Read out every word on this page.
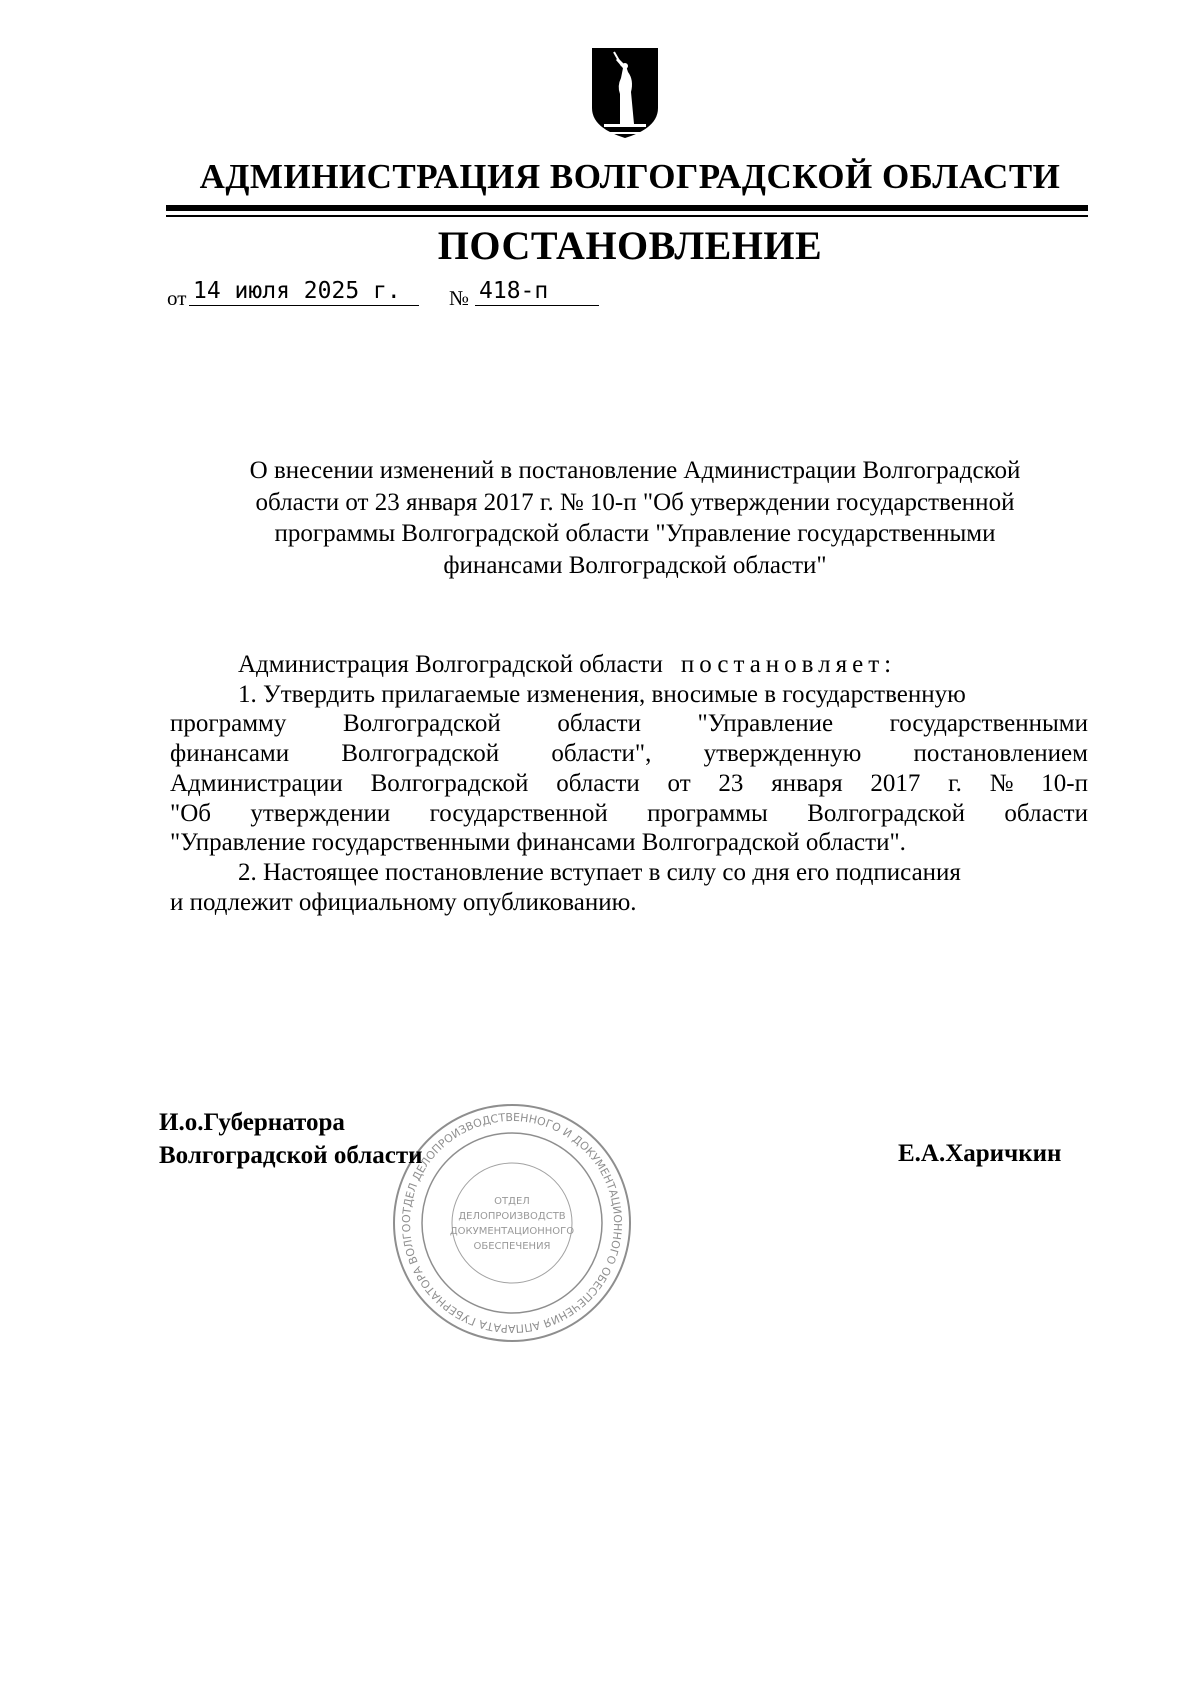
АДМИНИСТРАЦИЯ ВОЛГОГРАДСКОЙ ОБЛАСТИ
ПОСТАНОВЛЕНИЕ
от 14 июля 2025 г.	№ 418-п
О внесении изменений в постановление Администрации Волгоградской
области от 23 января 2017 г. № 10-п "Об утверждении государственной
программы Волгоградской области "Управление государственными
финансами Волгоградской области"
Администрация Волгоградской области постановляет:
1. Утвердить прилагаемые изменения, вносимые в государственную
программу Волгоградской области "Управление государственными
финансами Волгоградской области", утвержденную постановлением
Администрации Волгоградской области от 23 января 2017 г. № 10-п
"Об утверждении государственной программы Волгоградской области
"Управление государственными финансами Волгоградской области".
2. Настоящее постановление вступает в силу со дня его подписания
и подлежит официальному опубликованию.
ОТДЕЛ ДЕЛОПРОИЗВОДСТВЕННОГО И ДОКУМЕНТАЦИОННОГО ОБЕСПЕЧЕНИЯ АППАРАТА ГУБЕРНАТОРА ВОЛГО
ОТДЕЛ
ДЕЛОПРОИЗВОДСТВ
ДОКУМЕНТАЦИОННОГО
ОБЕСПЕЧЕНИЯ
И.о.Губернатора
Волгоградской области	Е.А.Харичкин
